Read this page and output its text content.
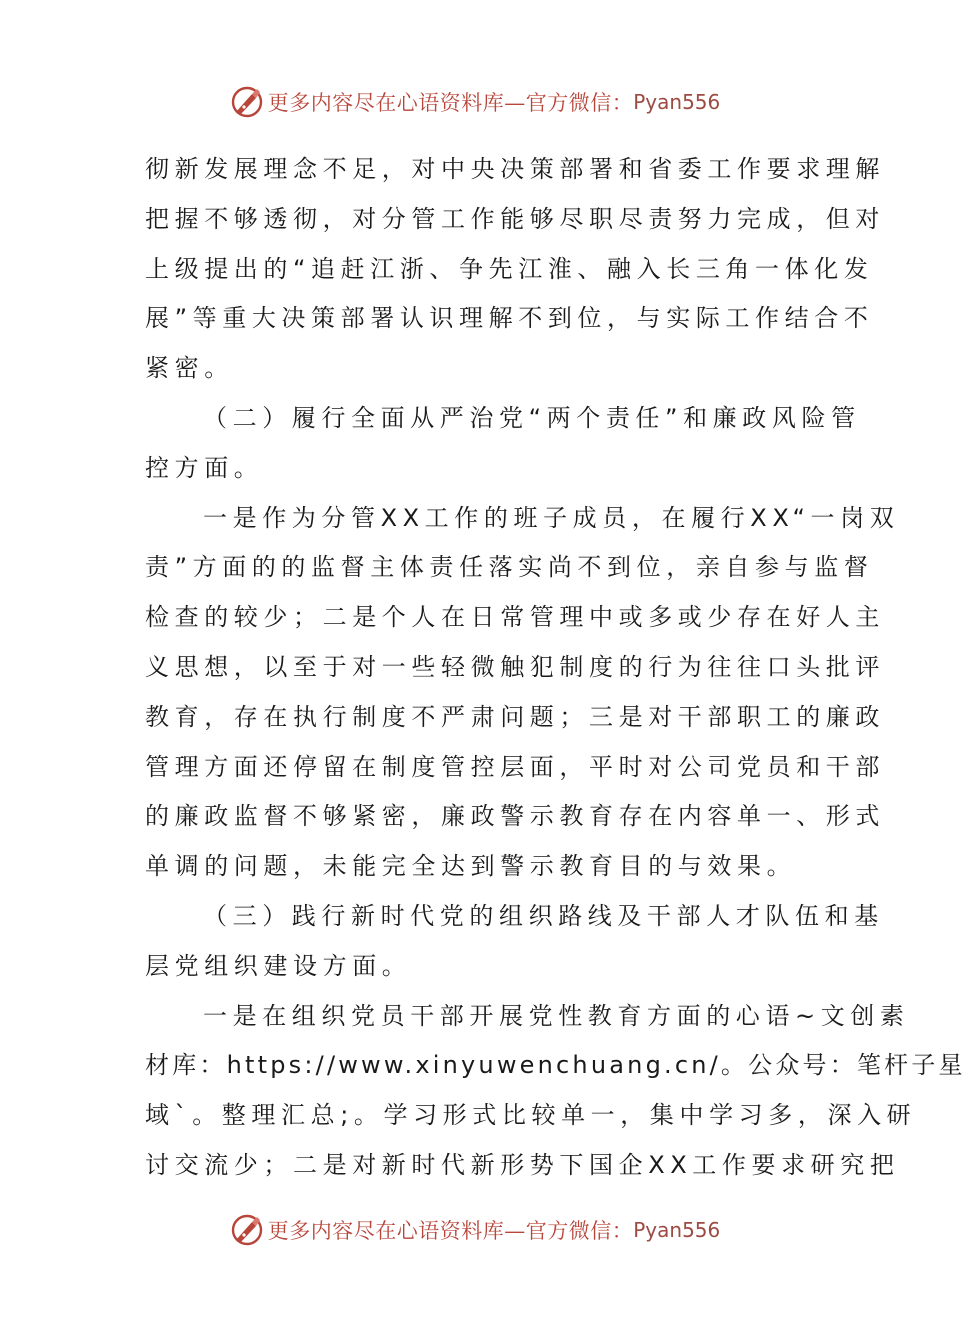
更多内容尽在心语资料库—官方微信： Pyan556
彻新发展理念不足，对中央决策部署和省委工作要求理解
把握不够透彻，对分管工作能够尽职尽责努力完成，但对
上级提出的“追赶江浙、争先江淮、融入长三角一体化发
展”等重大决策部署认识理解不到位，与实际工作结合不
紧密。
（二）履行全面从严治党“两个责任”和廉政风险管
控方面。
一是作为分管XX工作的班子成员，在履行XX“一岗双
责”方面的的监督主体责任落实尚不到位，亲自参与监督
检查的较少；二是个人在日常管理中或多或少存在好人主
义思想，以至于对一些轻微触犯制度的行为往往口头批评
教育，存在执行制度不严肃问题；三是对干部职工的廉政
管理方面还停留在制度管控层面，平时对公司党员和干部
的廉政监督不够紧密，廉政警示教育存在内容单一、形式
单调的问题，未能完全达到警示教育目的与效果。
（三）践行新时代党的组织路线及干部人才队伍和基
层党组织建设方面。
一是在组织党员干部开展党性教育方面的心语~文创素
材库：https://www.xinyuwenchuang.cn/。公众号：笔杆子星
域`。整理汇总;。学习形式比较单一，集中学习多，深入研
讨交流少；二是对新时代新形势下国企XX工作要求研究把
更多内容尽在心语资料库—官方微信： Pyan556
